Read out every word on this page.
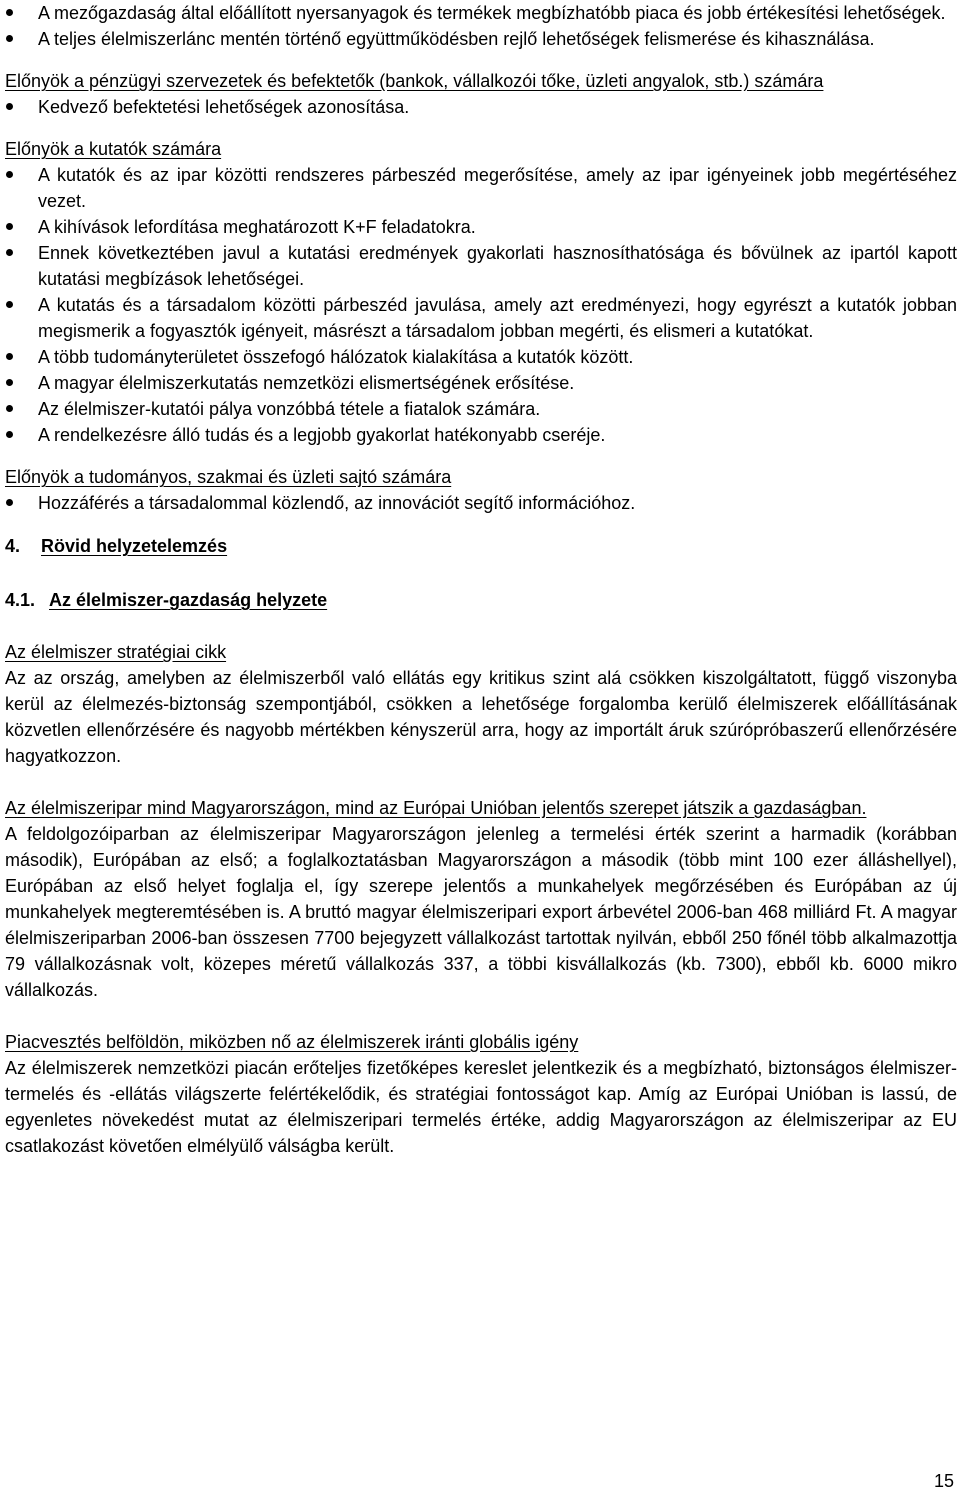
A mezőgazdaság által előállított nyersanyagok és termékek megbízhatóbb piaca és jobb értékesítési lehetőségek.
A teljes élelmiszerlánc mentén történő együttműködésben rejlő lehetőségek felismerése és kihasználása.
Előnyök a pénzügyi szervezetek és befektetők (bankok, vállalkozói tőke, üzleti angyalok, stb.) számára
Kedvező befektetési lehetőségek azonosítása.
Előnyök a kutatók számára
A kutatók és az ipar közötti rendszeres párbeszéd megerősítése, amely az ipar igényeinek jobb megértéséhez vezet.
A kihívások lefordítása meghatározott K+F feladatokra.
Ennek következtében javul a kutatási eredmények gyakorlati hasznosíthatósága és bővülnek az ipartól kapott kutatási megbízások lehetőségei.
A kutatás és a társadalom közötti párbeszéd javulása, amely azt eredményezi, hogy egyrészt a kutatók jobban megismerik a fogyasztók igényeit, másrészt a társadalom jobban megérti, és elismeri a kutatókat.
A több tudományterületet összefogó hálózatok kialakítása a kutatók között.
A magyar élelmiszerkutatás nemzetközi elismertségének erősítése.
Az élelmiszer-kutatói pálya vonzóbbá tétele a fiatalok számára.
A rendelkezésre álló tudás és a legjobb gyakorlat hatékonyabb cseréje.
Előnyök a tudományos, szakmai és üzleti sajtó számára
Hozzáférés a társadalommal közlendő, az innovációt segítő információhoz.
4. Rövid helyzetelemzés
4.1. Az élelmiszer-gazdaság helyzete
Az élelmiszer stratégiai cikk

Az az ország, amelyben az élelmiszerből való ellátás egy kritikus szint alá csökken kiszolgáltatott, függő viszonyba kerül az élelmezés-biztonság szempontjából, csökken a lehetősége forgalomba kerülő élelmiszerek előállításának közvetlen ellenőrzésére és nagyobb mértékben kényszerül arra, hogy az importált áruk szúrópróbaszerű ellenőrzésére hagyatkozzon.

Az élelmiszeripar mind Magyarországon, mind az Európai Unióban jelentős szerepet játszik a gazdaságban.

A feldolgozóiparban az élelmiszeripar Magyarországon jelenleg a termelési érték szerint a harmadik (korábban második), Európában az első; a foglalkoztatásban Magyarországon a második (több mint 100 ezer álláshellyel), Európában az első helyet foglalja el, így szerepe jelentős a munkahelyek megőrzésében és Európában az új munkahelyek megteremtésében is. A bruttó magyar élelmiszeripari export árbevétel 2006-ban 468 milliárd Ft. A magyar élelmiszeriparban 2006-ban összesen 7700 bejegyzett vállalkozást tartottak nyilván, ebből 250 főnél több alkalmazottja 79 vállalkozásnak volt, közepes méretű vállalkozás 337, a többi kisvállalkozás (kb. 7300), ebből kb. 6000 mikro vállalkozás.

Piacvesztés belföldön, miközben nő az élelmiszerek iránti globális igény

Az élelmiszerek nemzetközi piacán erőteljes fizetőképes kereslet jelentkezik és a megbízható, biztonságos élelmiszer-termelés és -ellátás világszerte felértékelődik, és stratégiai fontosságot kap. Amíg az Európai Unióban is lassú, de egyenletes növekedést mutat az élelmiszeripari termelés értéke, addig Magyarországon az élelmiszeripar az EU csatlakozást követően elmélyülő válságba került.

15
